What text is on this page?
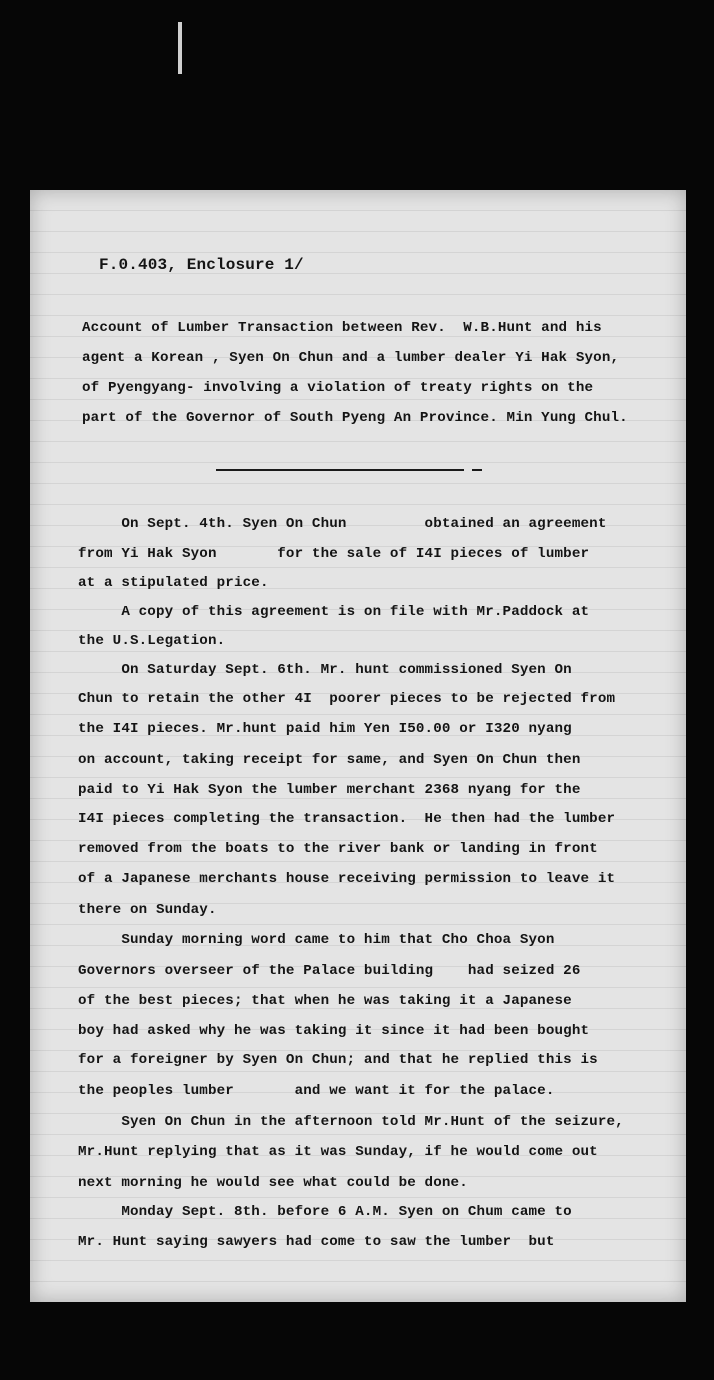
F.0.403, Enclosure 1/
Account of Lumber Transaction between Rev.  W.B.Hunt and his
agent a Korean , Syen On Chun and a lumber dealer Yi Hak Syon,
of Pyengyang- involving a violation of treaty rights on the
part of the Governor of South Pyeng An Province. Min Yung Chul.
On Sept. 4th. Syen On Chun         obtained an agreement
from Yi Hak Syon       for the sale of I4I pieces of lumber
at a stipulated price.
A copy of this agreement is on file with Mr.Paddock at
the U.S.Legation.
On Saturday Sept. 6th. Mr. hunt commissioned Syen On
Chun to retain the other 4I  poorer pieces to be rejected from
the I4I pieces. Mr.hunt paid him Yen I50.00 or I320 nyang
on account, taking receipt for same, and Syen On Chun then
paid to Yi Hak Syon the lumber merchant 2368 nyang for the
I4I pieces completing the transaction.  He then had the lumber
removed from the boats to the river bank or landing in front
of a Japanese merchants house receiving permission to leave it
there on Sunday.
Sunday morning word came to him that Cho Choa Syon
Governors overseer of the Palace building    had seized 26
of the best pieces; that when he was taking it a Japanese
boy had asked why he was taking it since it had been bought
for a foreigner by Syen On Chun; and that he replied this is
the peoples lumber       and we want it for the palace.
Syen On Chun in the afternoon told Mr.Hunt of the seizure,
Mr.Hunt replying that as it was Sunday, if he would come out
next morning he would see what could be done.
Monday Sept. 8th. before 6 A.M. Syen on Chum came to
Mr. Hunt saying sawyers had come to saw the lumber  but
